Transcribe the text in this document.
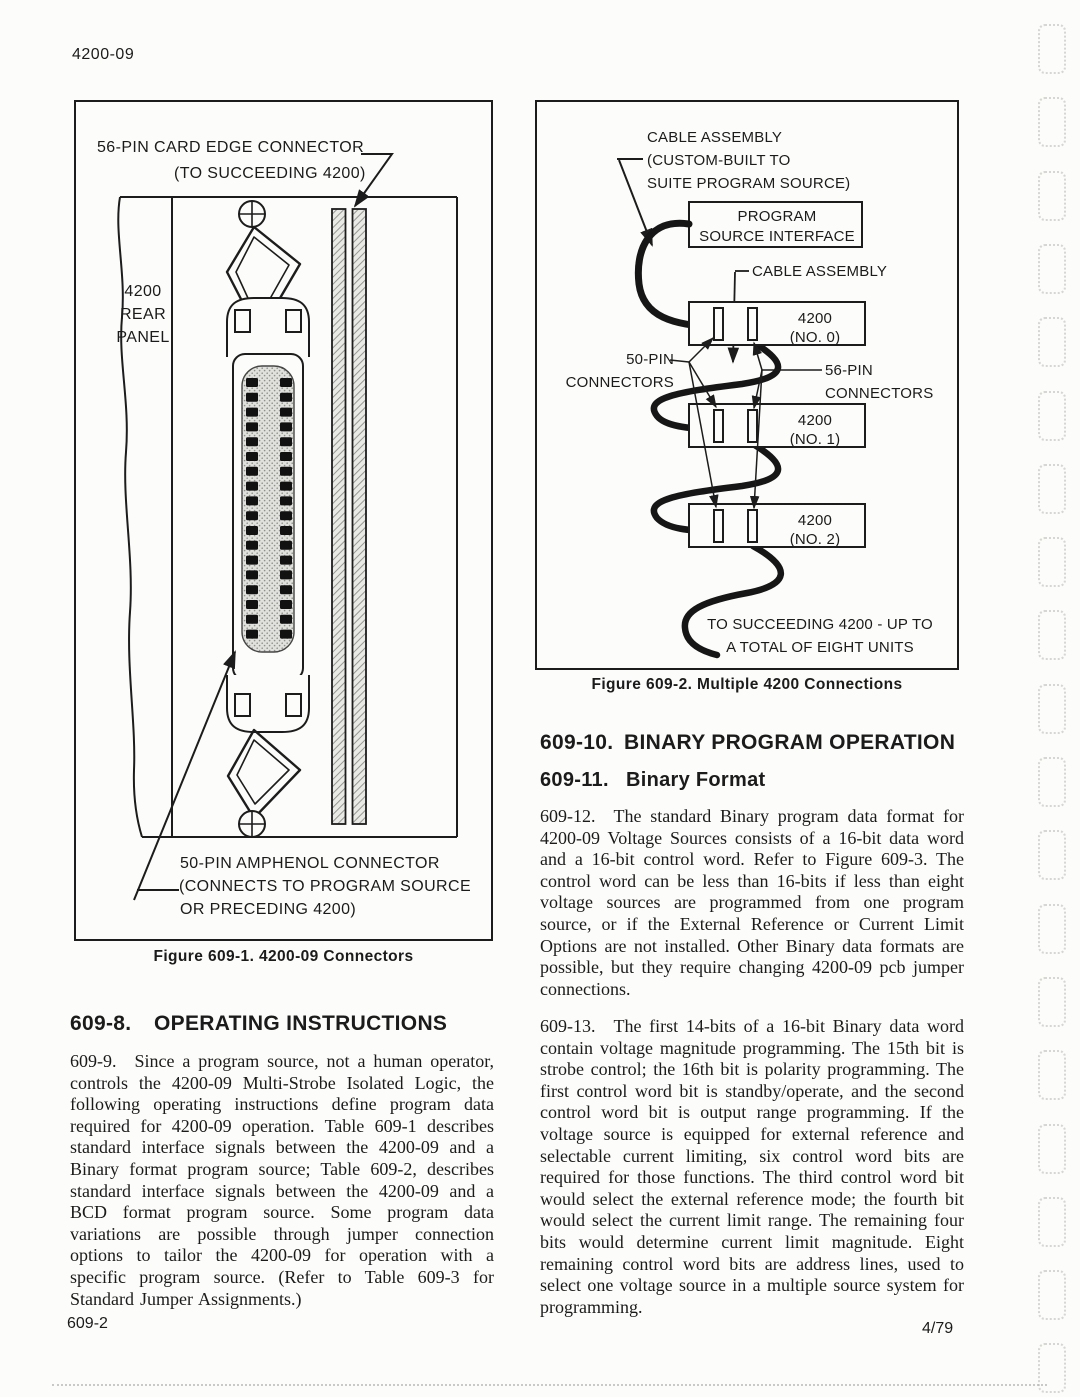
4200-09
4200
REAR
PANEL
56-PIN CARD EDGE CONNECTOR
(TO SUCCEEDING 4200)
50-PIN AMPHENOL CONNECTOR
(CONNECTS TO PROGRAM SOURCE
OR PRECEDING 4200)
Figure 609-1. 4200-09 Connectors
CABLE ASSEMBLY
(CUSTOM-BUILT TO
SUITE PROGRAM SOURCE)
PROGRAM
SOURCE INTERFACE
CABLE ASSEMBLY
4200
(NO. 0)
4200
(NO. 1)
4200
(NO. 2)
50-PIN
CONNECTORS
56-PIN
CONNECTORS
TO SUCCEEDING 4200 - UP TO
A TOTAL OF EIGHT UNITS
Figure 609-2. Multiple 4200 Connections
609-8. OPERATING INSTRUCTIONS
609-9.  Since a program source, not a human operator, controls the 4200-09 Multi-Strobe Isolated Logic, the following operating instructions define program data required for 4200-09 operation. Table 609-1 describes standard interface signals between the 4200-09 and a Binary format program source; Table 609-2, describes standard interface signals between the 4200-09 and a BCD format program source. Some program data variations are possible through jumper connection options to tailor the 4200-09 for operation with a specific program source. (Refer to Table 609-3 for Standard Jumper Assignments.)
609-2
609-10. BINARY PROGRAM OPERATION
609-11. Binary Format
609-12.  The standard Binary program data format for 4200-09 Voltage Sources consists of a 16-bit data word and a 16-bit control word. Refer to Figure 609-3. The control word can be less than 16-bits if less than eight voltage sources are programmed from one program source, or if the External Reference or Current Limit Options are not installed. Other Binary data formats are possible, but they require changing 4200-09 pcb jumper connections.
609-13.  The first 14-bits of a 16-bit Binary data word contain voltage magnitude programming. The 15th bit is strobe control; the 16th bit is polarity programming. The first control word bit is standby/operate, and the second control word bit is output range programming. If the voltage source is equipped for external reference and selectable current limiting, six control word bits are required for those functions. The third control word bit would select the external reference mode; the fourth bit would select the current limit range. The remaining four bits would determine current limit magnitude. Eight remaining control word bits are address lines, used to select one voltage source in a multiple source system for programming.
4/79
